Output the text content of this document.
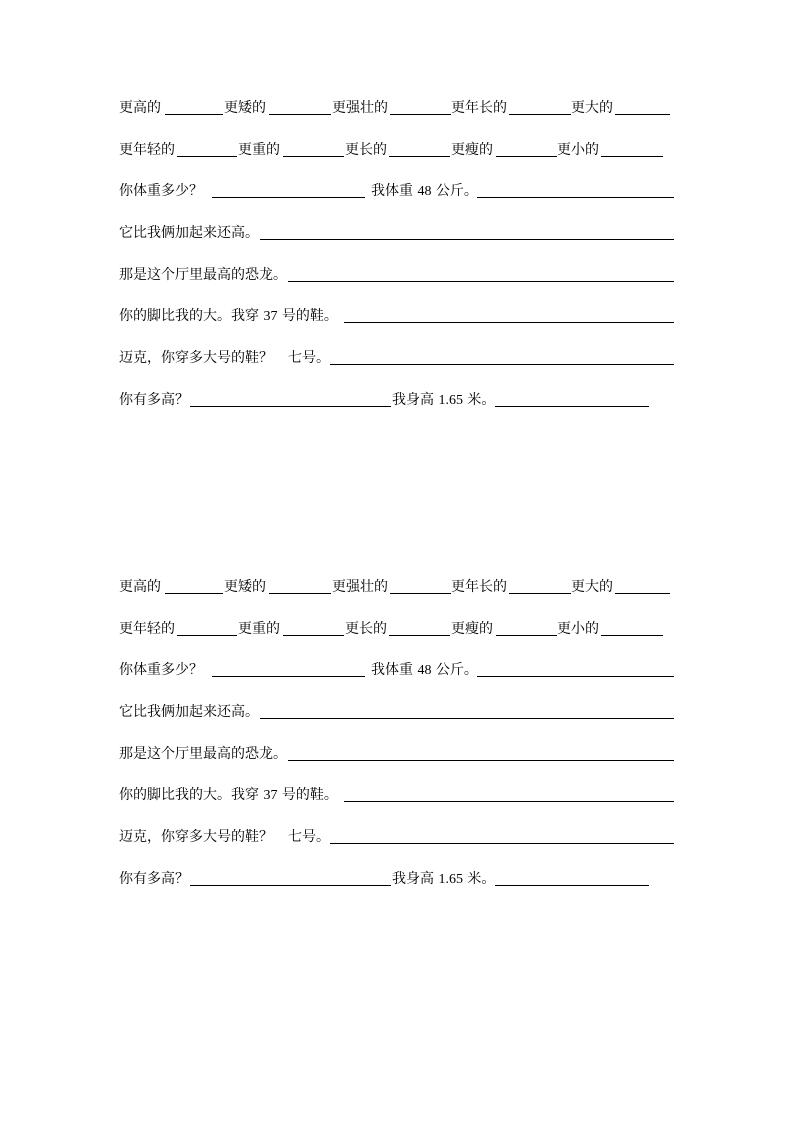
更高的	更矮的	更强壮的	更年长的	更大的
更年轻的	更重的	更长的	更瘦的	更小的
你体重多少？	我体重 48 公斤。
它比我俩加起来还高。
那是这个厅里最高的恐龙。
你的脚比我的大。我穿 37 号的鞋。
迈克，你穿多大号的鞋？ 七号。
你有多高？	我身高 1.65 米。
更高的	更矮的	更强壮的	更年长的	更大的
更年轻的	更重的	更长的	更瘦的	更小的
你体重多少？	我体重 48 公斤。
它比我俩加起来还高。
那是这个厅里最高的恐龙。
你的脚比我的大。我穿 37 号的鞋。
迈克，你穿多大号的鞋？ 七号。
你有多高？	我身高 1.65 米。
